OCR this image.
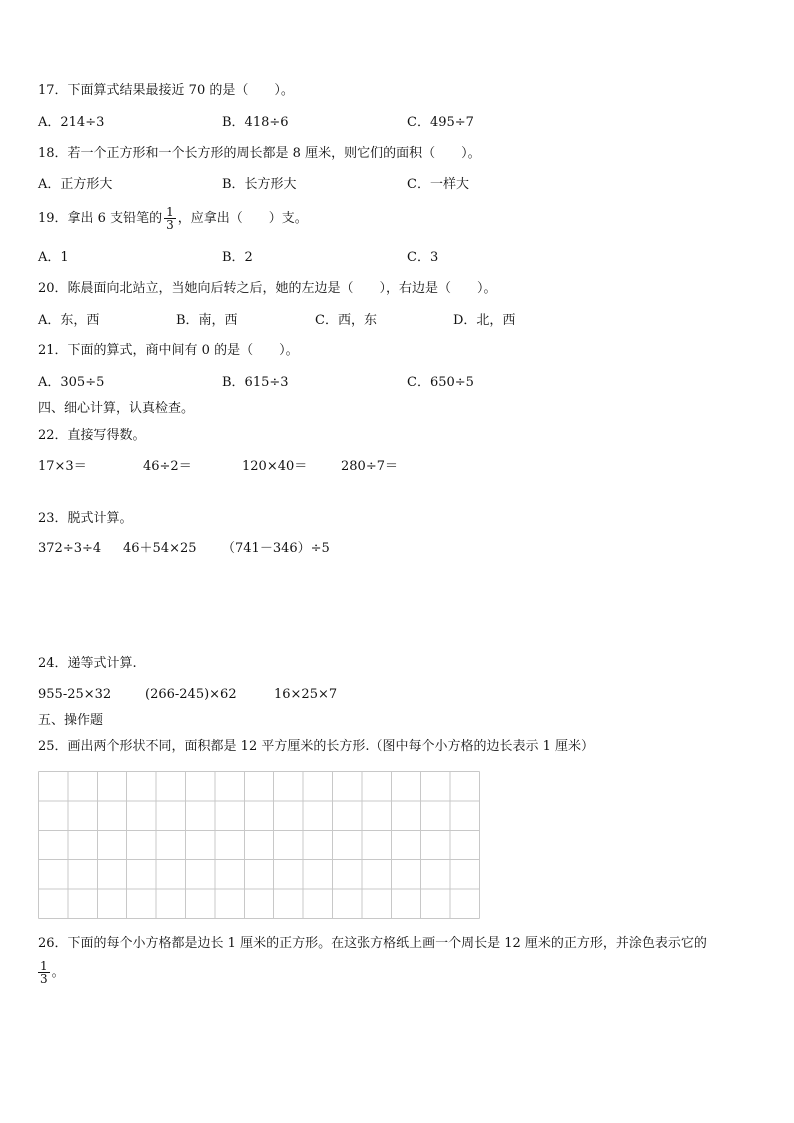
17．下面算式结果最接近 70 的是（　　）。
A．214÷3	B．418÷6	C．495÷7
18．若一个正方形和一个长方形的周长都是 8 厘米，则它们的面积（　　）。
A．正方形大	B．长方形大	C．一样大
19．拿出 6 支铅笔的 $\frac{1}{3}$ ，应拿出（　　）支。
A．1	B．2	C．3
20．陈晨面向北站立，当她向后转之后，她的左边是（　　），右边是（　　）。
A．东，西	B．南，西	C．西，东	D．北，西
21．下面的算式，商中间有 0 的是（　　）。
A．305÷5	B．615÷3	C．650÷5
四、细心计算，认真检查。
22．直接写得数。
17×3＝	46÷2＝	120×40＝	280÷7＝
23．脱式计算。
372÷3÷4 46＋54×25 （741－346）÷5
24．递等式计算.
955-25×32	(266-245)×62	16×25×7
五、操作题
25．画出两个形状不同，面积都是 12 平方厘米的长方形.（图中每个小方格的边长表示 1 厘米）
26．下面的每个小方格都是边长 1 厘米的正方形。在这张方格纸上画一个周长是 12 厘米的正方形，并涂色表示它的
$\frac{1}{3}$ 。
